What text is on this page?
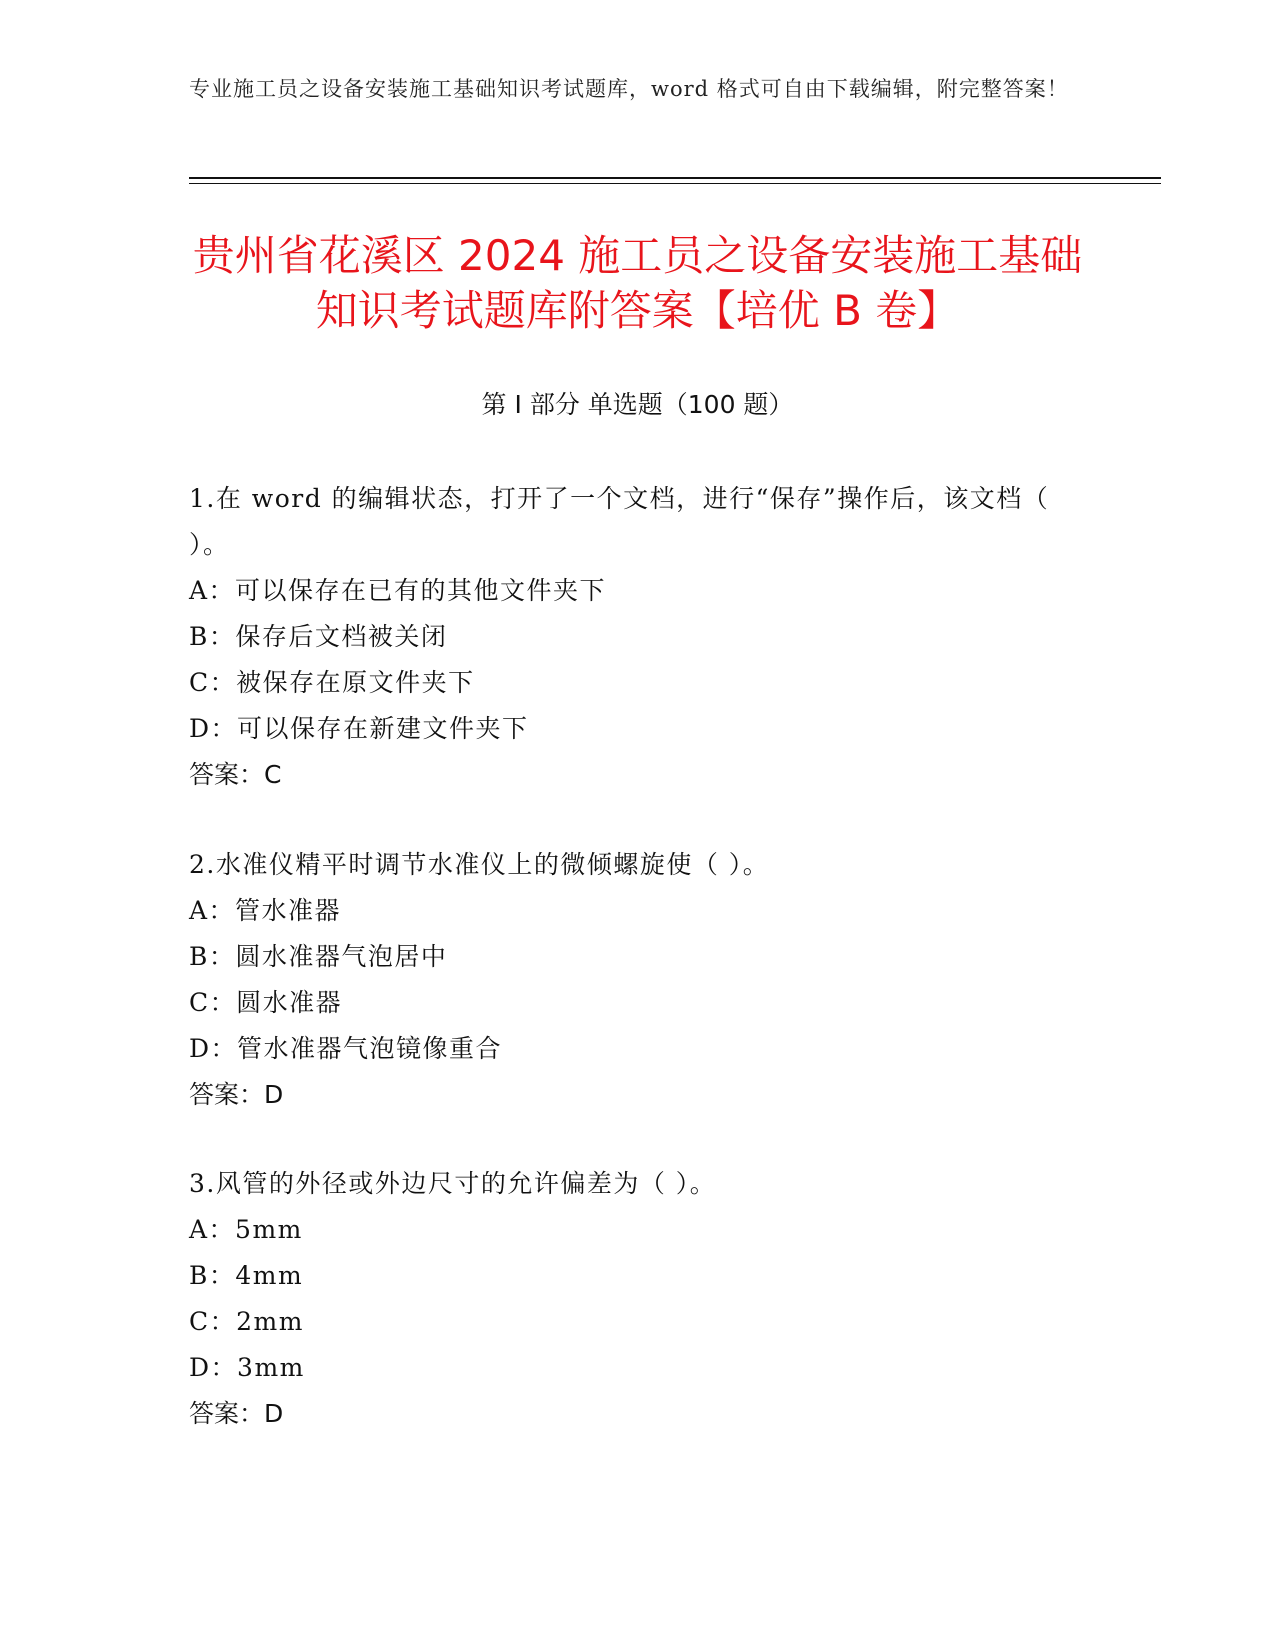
专业施工员之设备安装施工基础知识考试题库，word 格式可自由下载编辑，附完整答案！
贵州省花溪区 2024 施工员之设备安装施工基础知识考试题库附答案【培优 B 卷】
第 I 部分 单选题（100 题）

1.在 word 的编辑状态，打开了一个文档，进行“保存”操作后，该文档（ ）。

A：可以保存在已有的其他文件夹下

B：保存后文档被关闭

C：被保存在原文件夹下

D：可以保存在新建文件夹下

答案：C

2.水准仪精平时调节水准仪上的微倾螺旋使（ ）。

A：管水准器

B：圆水准器气泡居中

C：圆水准器

D：管水准器气泡镜像重合

答案：D

3.风管的外径或外边尺寸的允许偏差为（ ）。

A：5mm

B：4mm

C：2mm

D：3mm

答案：D
